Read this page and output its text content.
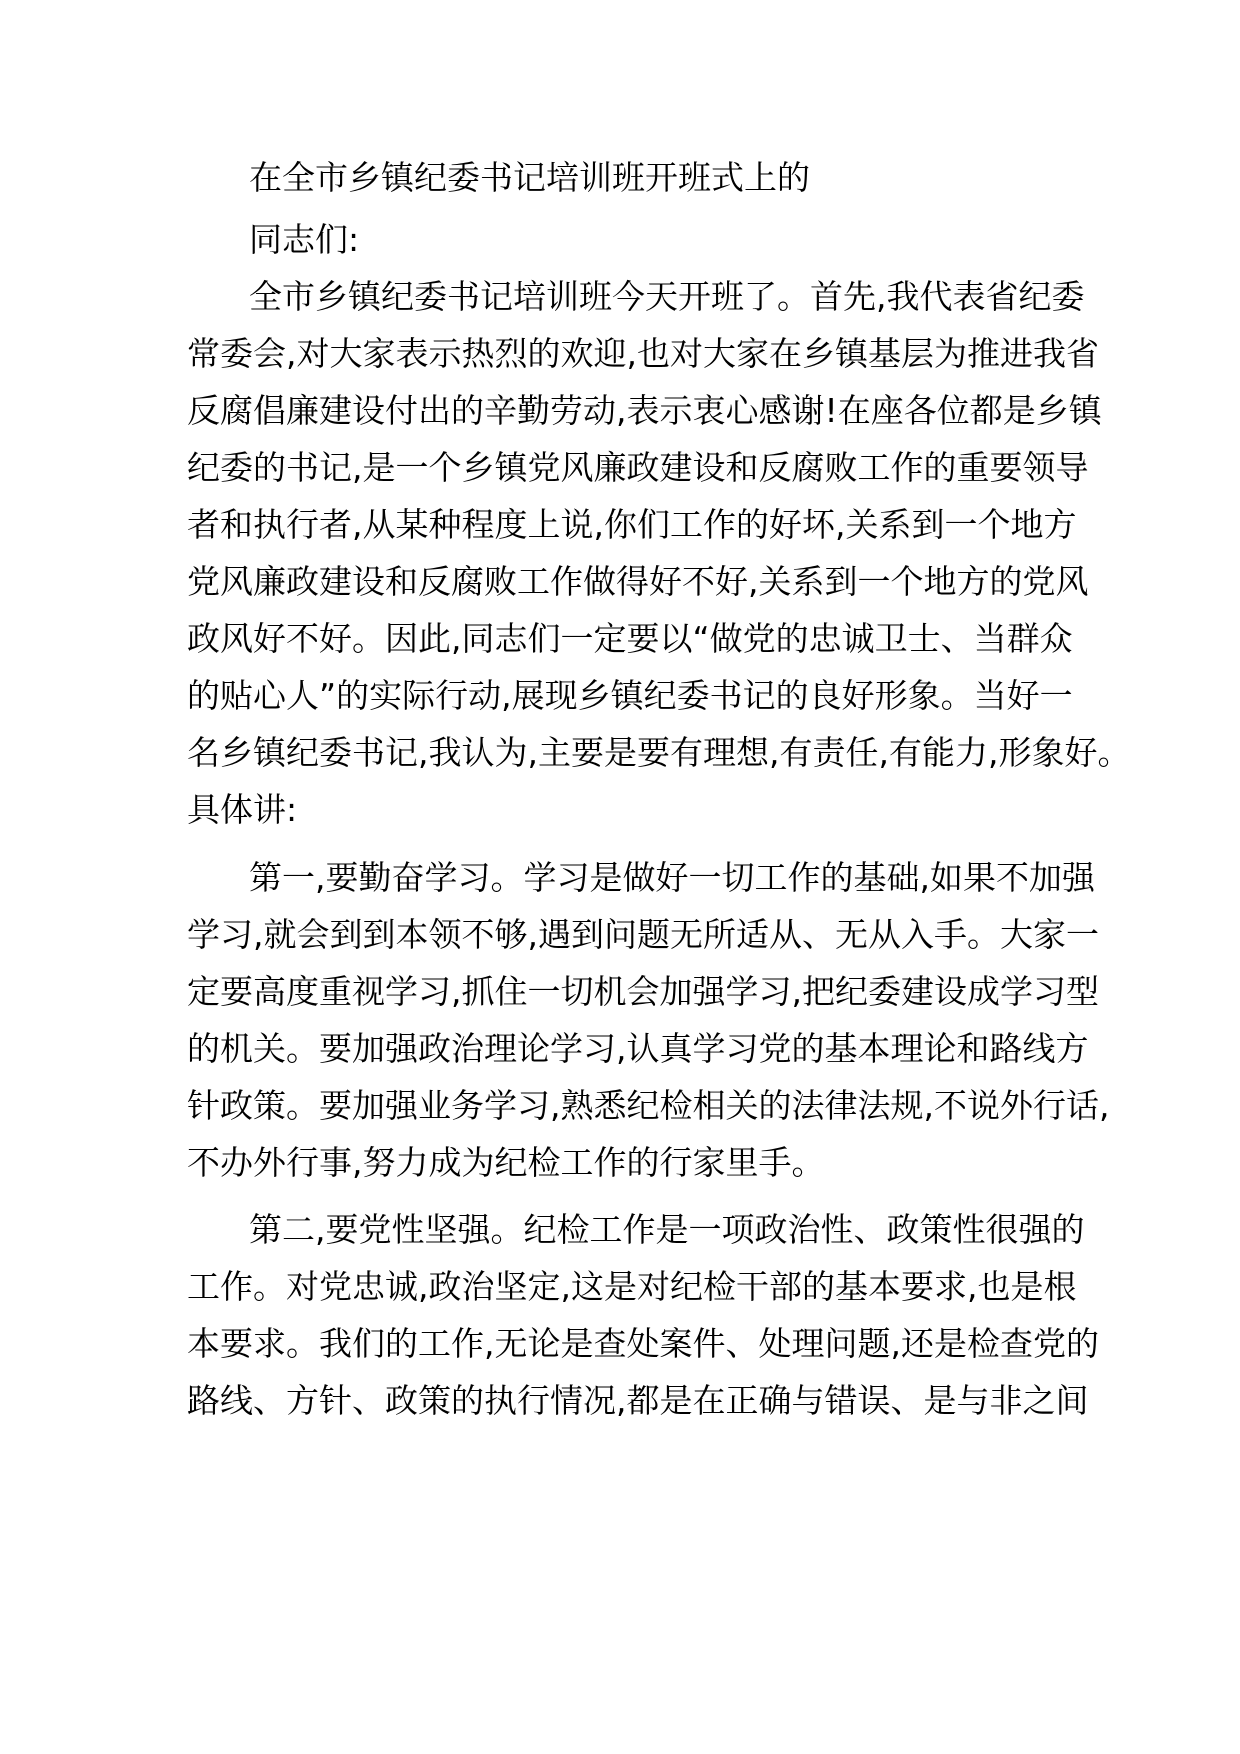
在全市乡镇纪委书记培训班开班式上的
同志们:
全市乡镇纪委书记培训班今天开班了。首先,我代表省纪委
常委会,对大家表示热烈的欢迎,也对大家在乡镇基层为推进我省
反腐倡廉建设付出的辛勤劳动,表示衷心感谢!在座各位都是乡镇
纪委的书记,是一个乡镇党风廉政建设和反腐败工作的重要领导
者和执行者,从某种程度上说,你们工作的好坏,关系到一个地方
党风廉政建设和反腐败工作做得好不好,关系到一个地方的党风
政风好不好。因此,同志们一定要以“做党的忠诚卫士、当群众
的贴心人”的实际行动,展现乡镇纪委书记的良好形象。当好一
名乡镇纪委书记,我认为,主要是要有理想,有责任,有能力,形象好。
具体讲:
第一,要勤奋学习。学习是做好一切工作的基础,如果不加强
学习,就会到到本领不够,遇到问题无所适从、无从入手。大家一
定要高度重视学习,抓住一切机会加强学习,把纪委建设成学习型
的机关。要加强政治理论学习,认真学习党的基本理论和路线方
针政策。要加强业务学习,熟悉纪检相关的法律法规,不说外行话,
不办外行事,努力成为纪检工作的行家里手。
第二,要党性坚强。纪检工作是一项政治性、政策性很强的
工作。对党忠诚,政治坚定,这是对纪检干部的基本要求,也是根
本要求。我们的工作,无论是查处案件、处理问题,还是检查党的
路线、方针、政策的执行情况,都是在正确与错误、是与非之间
